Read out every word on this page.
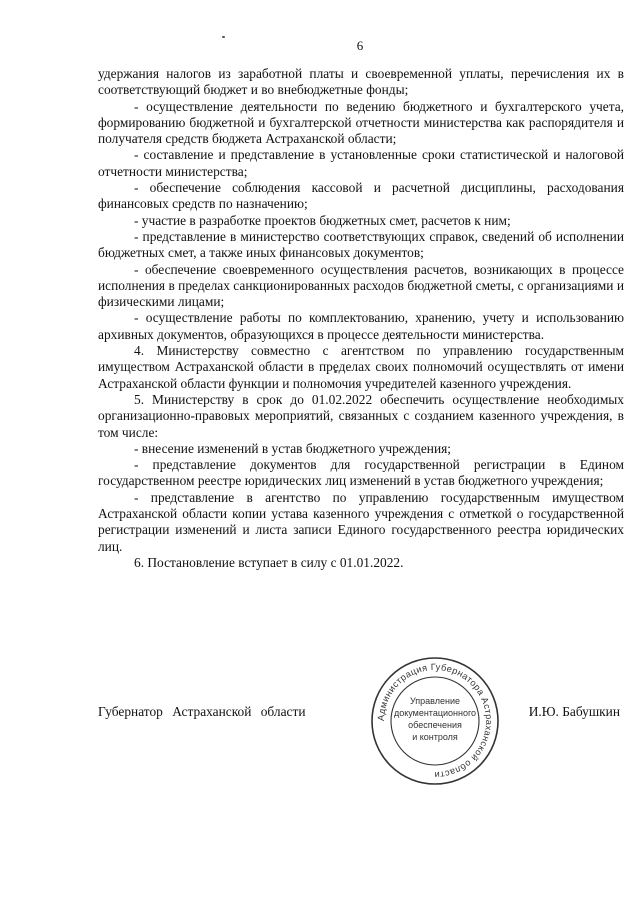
6

удержания налогов из заработной платы и своевременной уплаты, перечисления их в соответствующий бюджет и во внебюджетные фонды;

- осуществление деятельности по ведению бюджетного и бухгалтерского учета, формированию бюджетной и бухгалтерской отчетности министерства как распорядителя и получателя средств бюджета Астраханской области;

- составление и представление в установленные сроки статистической и налоговой отчетности министерства;

- обеспечение соблюдения кассовой и расчетной дисциплины, расходования финансовых средств по назначению;

- участие в разработке проектов бюджетных смет, расчетов к ним;

- представление в министерство соответствующих справок, сведений об исполнении бюджетных смет, а также иных финансовых документов;

- обеспечение своевременного осуществления расчетов, возникающих в процессе исполнения в пределах санкционированных расходов бюджетной сметы, с организациями и физическими лицами;

- осуществление работы по комплектованию, хранению, учету и использованию архивных документов, образующихся в процессе деятельности министерства.

4. Министерству совместно с агентством по управлению государственным имуществом Астраханской области в пределах своих полномочий осуществлять от имени Астраханской области функции и полномочия учредителей казенного учреждения.

5. Министерству в срок до 01.02.2022 обеспечить осуществление необходимых организационно-правовых мероприятий, связанных с созданием казенного учреждения, в том числе:

- внесение изменений в устав бюджетного учреждения;

- представление документов для государственной регистрации в Едином государственном реестре юридических лиц изменений в устав бюджетного учреждения;

- представление в агентство по управлению государственным имуществом Астраханской области копии устава казенного учреждения с отметкой о государственной регистрации изменений и листа записи Единого государственного реестра юридических лиц.

6. Постановление вступает в силу с 01.01.2022.

Губернатор Астраханской области	И.Ю. Бабушкин
Администрация Губернатора Астраханской области
Управление
документационного
обеспечения
и контроля
